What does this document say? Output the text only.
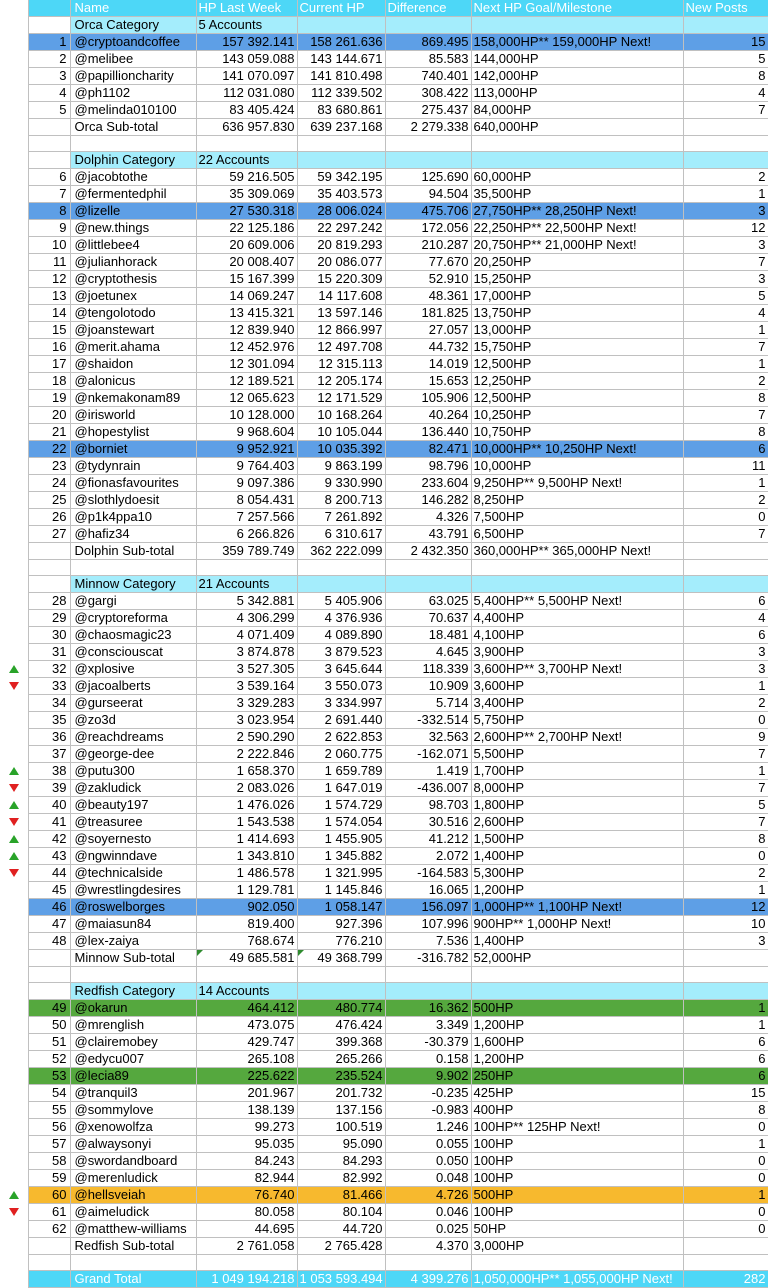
		Name	HP Last Week	Current HP	Difference	Next HP Goal/Milestone	New Posts
		Orca Category	5 Accounts				
	1	@cryptoandcoffee	157 392.141	158 261.636	869.495	158,000HP** 159,000HP Next!	15
	2	@melibee	143 059.088	143 144.671	85.583	144,000HP	5
	3	@papillioncharity	141 070.097	141 810.498	740.401	142,000HP	8
	4	@ph1102	112 031.080	112 339.502	308.422	113,000HP	4
	5	@melinda010100	83 405.424	83 680.861	275.437	84,000HP	7
		Orca Sub-total	636 957.830	639 237.168	2 279.338	640,000HP	

		Dolphin Category	22 Accounts				
	6	@jacobtothe	59 216.505	59 342.195	125.690	60,000HP	2
	7	@fermentedphil	35 309.069	35 403.573	94.504	35,500HP	1
	8	@lizelle	27 530.318	28 006.024	475.706	27,750HP** 28,250HP Next!	3
	9	@new.things	22 125.186	22 297.242	172.056	22,250HP** 22,500HP Next!	12
	10	@littlebee4	20 609.006	20 819.293	210.287	20,750HP** 21,000HP Next!	3
	11	@julianhorack	20 008.407	20 086.077	77.670	20,250HP	7
	12	@cryptothesis	15 167.399	15 220.309	52.910	15,250HP	3
	13	@joetunex	14 069.247	14 117.608	48.361	17,000HP	5
	14	@tengolotodo	13 415.321	13 597.146	181.825	13,750HP	4
	15	@joanstewart	12 839.940	12 866.997	27.057	13,000HP	1
	16	@merit.ahama	12 452.976	12 497.708	44.732	15,750HP	7
	17	@shaidon	12 301.094	12 315.113	14.019	12,500HP	1
	18	@alonicus	12 189.521	12 205.174	15.653	12,250HP	2
	19	@nkemakonam89	12 065.623	12 171.529	105.906	12,500HP	8
	20	@irisworld	10 128.000	10 168.264	40.264	10,250HP	7
	21	@hopestylist	9 968.604	10 105.044	136.440	10,750HP	8
	22	@borniet	9 952.921	10 035.392	82.471	10,000HP** 10,250HP Next!	6
	23	@tydynrain	9 764.403	9 863.199	98.796	10,000HP	11
	24	@fionasfavourites	9 097.386	9 330.990	233.604	9,250HP** 9,500HP Next!	1
	25	@slothlydoesit	8 054.431	8 200.713	146.282	8,250HP	2
	26	@p1k4ppa10	7 257.566	7 261.892	4.326	7,500HP	0
	27	@hafiz34	6 266.826	6 310.617	43.791	6,500HP	7
		Dolphin Sub-total	359 789.749	362 222.099	2 432.350	360,000HP** 365,000HP Next!	

		Minnow Category	21 Accounts				
	28	@gargi	5 342.881	5 405.906	63.025	5,400HP** 5,500HP Next!	6
	29	@cryptoreforma	4 306.299	4 376.936	70.637	4,400HP	4
	30	@chaosmagic23	4 071.409	4 089.890	18.481	4,100HP	6
	31	@consciouscat	3 874.878	3 879.523	4.645	3,900HP	3
	32	@xplosive	3 527.305	3 645.644	118.339	3,600HP** 3,700HP Next!	3
	33	@jacoalberts	3 539.164	3 550.073	10.909	3,600HP	1
	34	@gurseerat	3 329.283	3 334.997	5.714	3,400HP	2
	35	@zo3d	3 023.954	2 691.440	-332.514	5,750HP	0
	36	@reachdreams	2 590.290	2 622.853	32.563	2,600HP** 2,700HP Next!	9
	37	@george-dee	2 222.846	2 060.775	-162.071	5,500HP	7
	38	@putu300	1 658.370	1 659.789	1.419	1,700HP	1
	39	@zakludick	2 083.026	1 647.019	-436.007	8,000HP	7
	40	@beauty197	1 476.026	1 574.729	98.703	1,800HP	5
	41	@treasuree	1 543.538	1 574.054	30.516	2,600HP	7
	42	@soyernesto	1 414.693	1 455.905	41.212	1,500HP	8
	43	@ngwinndave	1 343.810	1 345.882	2.072	1,400HP	0
	44	@technicalside	1 486.578	1 321.995	-164.583	5,300HP	2
	45	@wrestlingdesires	1 129.781	1 145.846	16.065	1,200HP	1
	46	@roswelborges	902.050	1 058.147	156.097	1,000HP** 1,100HP Next!	12
	47	@maiasun84	819.400	927.396	107.996	900HP** 1,000HP Next!	10
	48	@lex-zaiya	768.674	776.210	7.536	1,400HP	3
		Minnow Sub-total	49 685.581	49 368.799	-316.782	52,000HP	

		Redfish Category	14 Accounts				
	49	@okarun	464.412	480.774	16.362	500HP	1
	50	@mrenglish	473.075	476.424	3.349	1,200HP	1
	51	@clairemobey	429.747	399.368	-30.379	1,600HP	6
	52	@edycu007	265.108	265.266	0.158	1,200HP	6
	53	@lecia89	225.622	235.524	9.902	250HP	6
	54	@tranquil3	201.967	201.732	-0.235	425HP	15
	55	@sommylove	138.139	137.156	-0.983	400HP	8
	56	@xenowolfza	99.273	100.519	1.246	100HP** 125HP Next!	0
	57	@alwaysonyi	95.035	95.090	0.055	100HP	1
	58	@swordandboard	84.243	84.293	0.050	100HP	0
	59	@merenludick	82.944	82.992	0.048	100HP	0
	60	@hellsveiah	76.740	81.466	4.726	500HP	1
	61	@aimeludick	80.058	80.104	0.046	100HP	0
	62	@matthew-williams	44.695	44.720	0.025	50HP	0
		Redfish Sub-total	2 761.058	2 765.428	4.370	3,000HP	

		Grand Total	1 049 194.218	1 053 593.494	4 399.276	1,050,000HP** 1,055,000HP Next!	282
